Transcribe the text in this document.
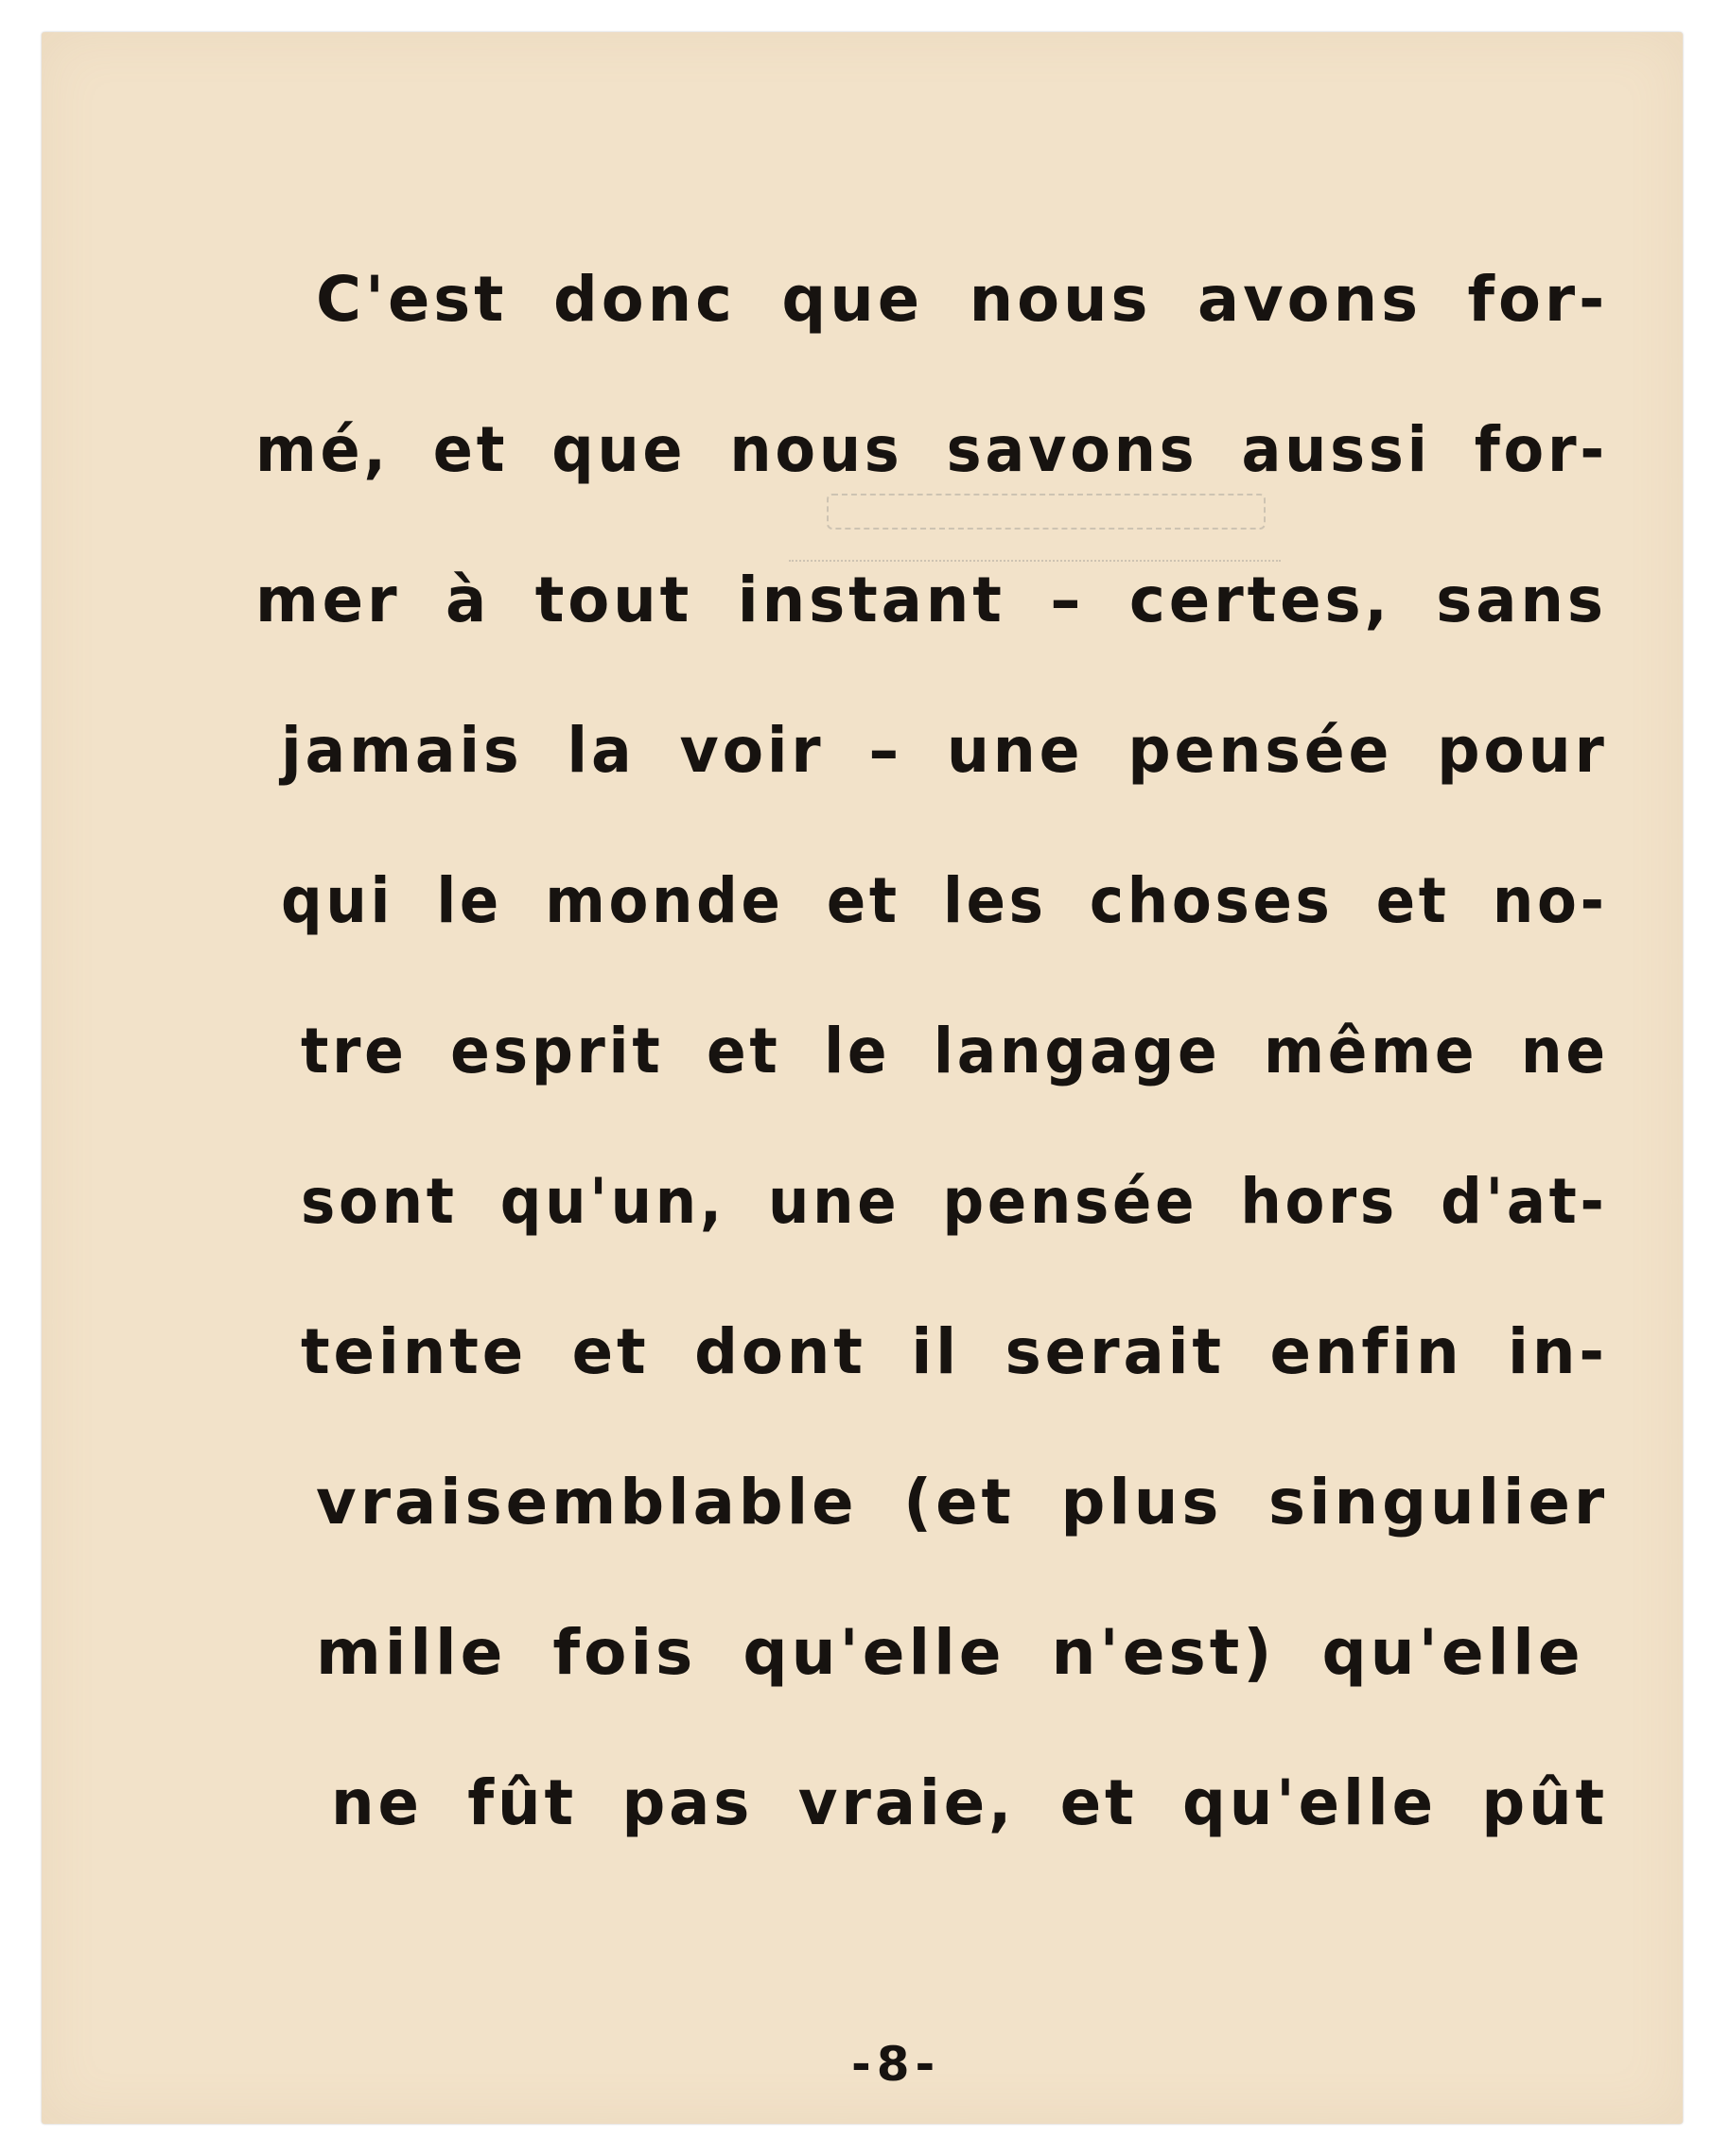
C'est donc que nous avons for-
mé, et que nous savons aussi for-
mer à tout instant – certes, sans
jamais la voir – une pensée pour
qui le monde et les choses et no-
tre esprit et le langage même ne
sont qu'un, une pensée hors d'at-
teinte et dont il serait enfin in-
vraisemblable (et plus singulier
mille fois qu'elle n'est) qu'elle
ne fût pas vraie, et qu'elle pût
-8-
